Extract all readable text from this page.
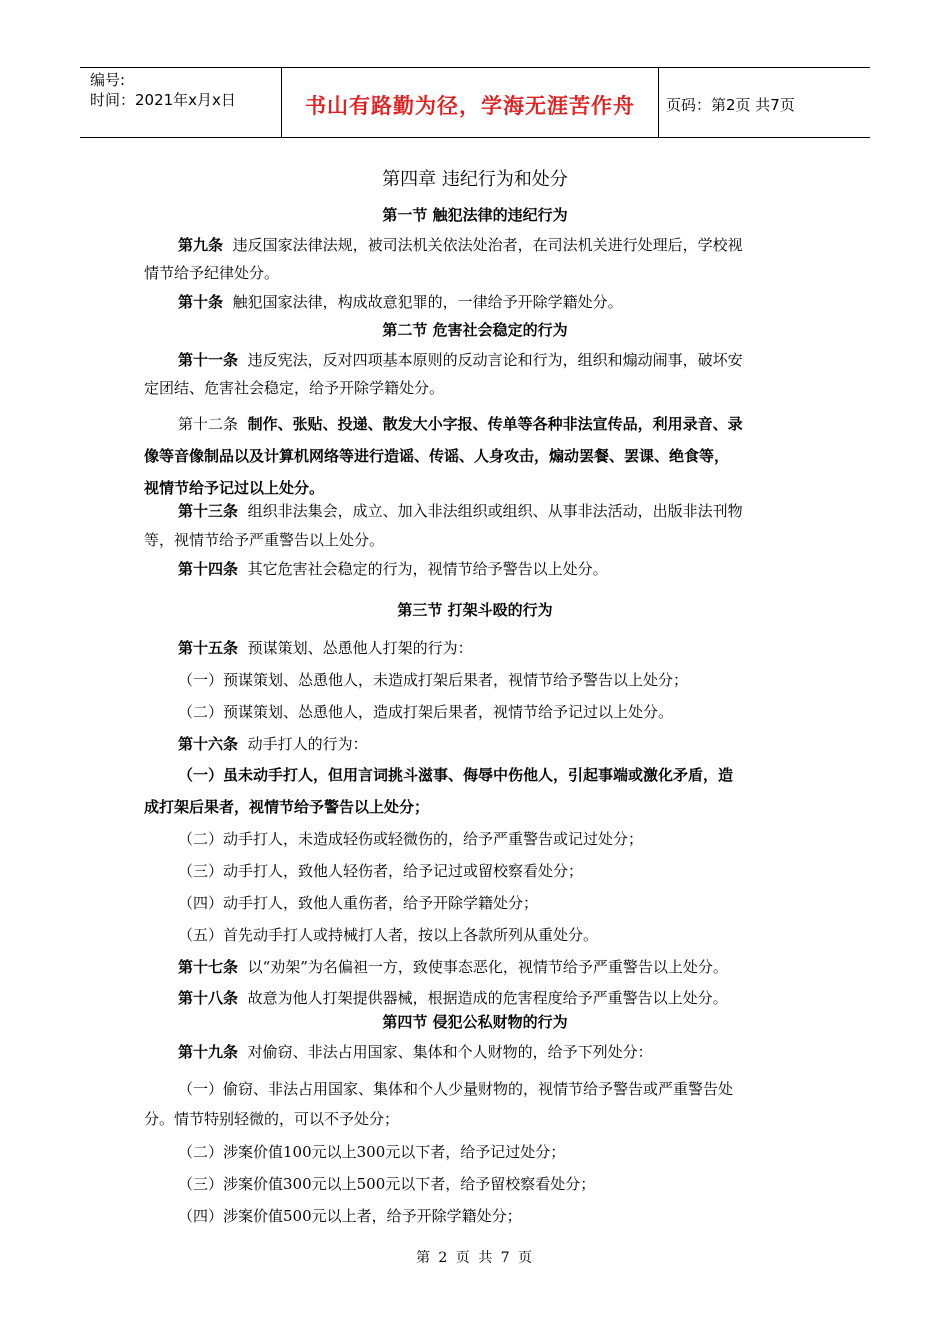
编号:
时间：2021年x月x日	书山有路勤为径，学海无涯苦作舟	页码：第2页 共7页
第四章 违纪行为和处分
第一节 触犯法律的违纪行为
第九条 违反国家法律法规，被司法机关依法处治者，在司法机关进行处理后，学校视
情节给予纪律处分。
第十条 触犯国家法律，构成故意犯罪的，一律给予开除学籍处分。
第二节 危害社会稳定的行为
第十一条 违反宪法，反对四项基本原则的反动言论和行为，组织和煽动闹事，破坏安
定团结、危害社会稳定，给予开除学籍处分。
第十二条 制作、张贴、投递、散发大小字报、传单等各种非法宣传品，利用录音、录
像等音像制品以及计算机网络等进行造谣、传谣、人身攻击，煽动罢餐、罢课、绝食等，
视情节给予记过以上处分。
第十三条 组织非法集会，成立、加入非法组织或组织、从事非法活动，出版非法刊物
等，视情节给予严重警告以上处分。
第十四条 其它危害社会稳定的行为，视情节给予警告以上处分。
第三节 打架斗殴的行为
第十五条 预谋策划、怂恿他人打架的行为：
（一）预谋策划、怂恿他人，未造成打架后果者，视情节给予警告以上处分；
（二）预谋策划、怂恿他人，造成打架后果者，视情节给予记过以上处分。
第十六条 动手打人的行为：
（一）虽未动手打人，但用言词挑斗滋事、侮辱中伤他人，引起事端或激化矛盾，造
成打架后果者，视情节给予警告以上处分；
（二）动手打人，未造成轻伤或轻微伤的，给予严重警告或记过处分；
（三）动手打人，致他人轻伤者，给予记过或留校察看处分；
（四）动手打人，致他人重伤者，给予开除学籍处分；
（五）首先动手打人或持械打人者，按以上各款所列从重处分。
第十七条 以“劝架”为名偏袒一方，致使事态恶化，视情节给予严重警告以上处分。
第十八条 故意为他人打架提供器械，根据造成的危害程度给予严重警告以上处分。
第四节 侵犯公私财物的行为
第十九条 对偷窃、非法占用国家、集体和个人财物的，给予下列处分：
（一）偷窃、非法占用国家、集体和个人少量财物的，视情节给予警告或严重警告处
分。情节特别轻微的，可以不予处分；
（二）涉案价值100元以上300元以下者，给予记过处分；
（三）涉案价值300元以上500元以下者，给予留校察看处分；
（四）涉案价值500元以上者，给予开除学籍处分；
第 2 页 共 7 页
